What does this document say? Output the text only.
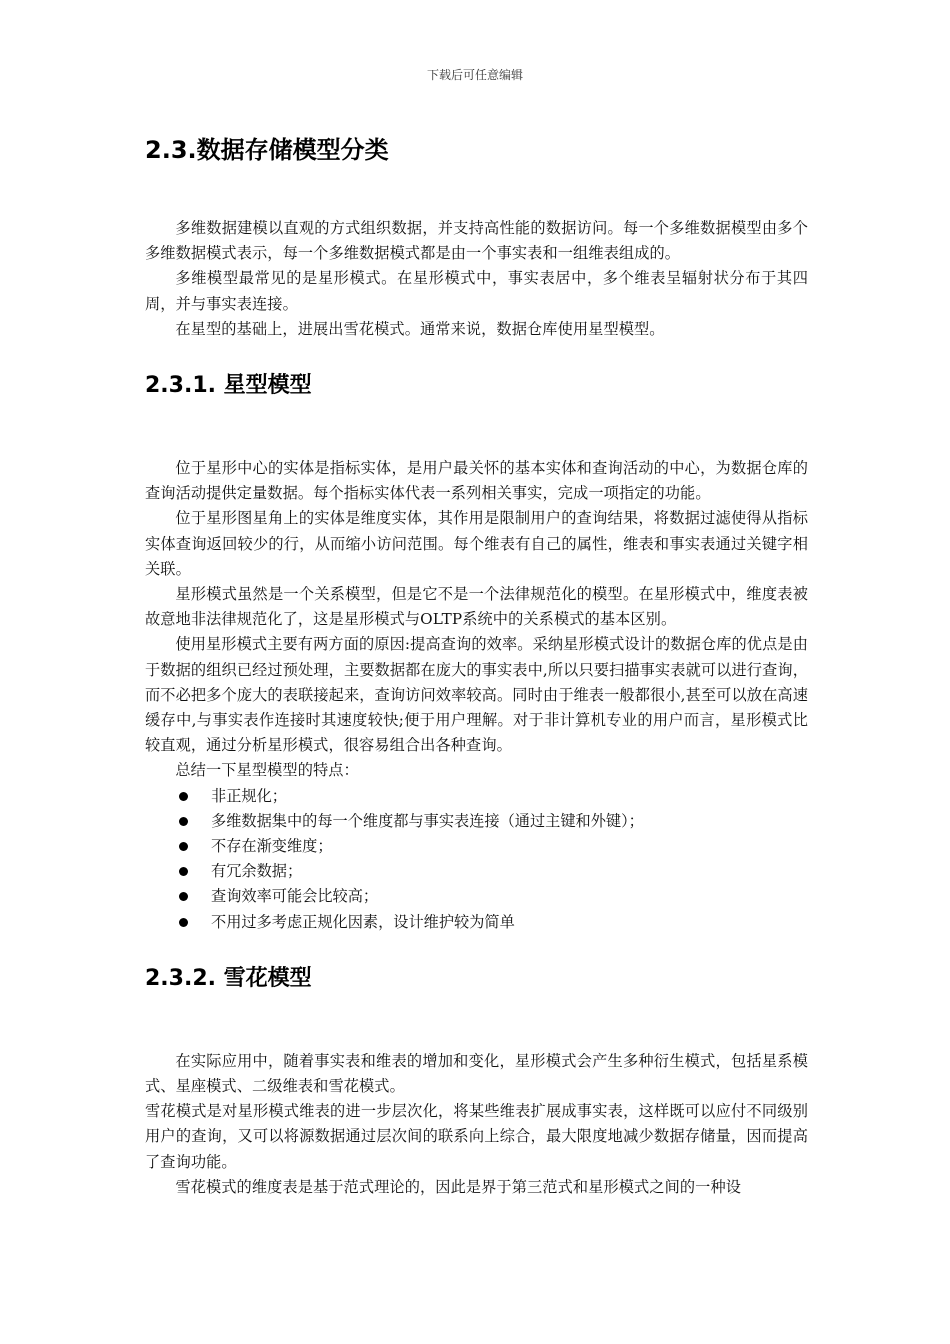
下载后可任意编辑
2.3.数据存储模型分类

多维数据建模以直观的方式组织数据，并支持高性能的数据访问。每一个多维数据模型由多个多维数据模式表示，每一个多维数据模式都是由一个事实表和一组维表组成的。

多维模型最常见的是星形模式。在星形模式中，事实表居中，多个维表呈辐射状分布于其四周，并与事实表连接。

在星型的基础上，进展出雪花模式。通常来说，数据仓库使用星型模型。

2.3.1. 星型模型

位于星形中心的实体是指标实体，是用户最关怀的基本实体和查询活动的中心，为数据仓库的查询活动提供定量数据。每个指标实体代表一系列相关事实，完成一项指定的功能。

位于星形图星角上的实体是维度实体，其作用是限制用户的查询结果，将数据过滤使得从指标实体查询返回较少的行，从而缩小访问范围。每个维表有自己的属性，维表和事实表通过关键字相关联。

星形模式虽然是一个关系模型，但是它不是一个法律规范化的模型。在星形模式中，维度表被故意地非法律规范化了，这是星形模式与OLTP系统中的关系模式的基本区别。

使用星形模式主要有两方面的原因:提高查询的效率。采纳星形模式设计的数据仓库的优点是由于数据的组织已经过预处理，主要数据都在庞大的事实表中,所以只要扫描事实表就可以进行查询，而不必把多个庞大的表联接起来，查询访问效率较高。同时由于维表一般都很小,甚至可以放在高速缓存中,与事实表作连接时其速度较快;便于用户理解。对于非计算机专业的用户而言，星形模式比较直观，通过分析星形模式，很容易组合出各种查询。

总结一下星型模型的特点：

非正规化；
多维数据集中的每一个维度都与事实表连接（通过主键和外键）；
不存在渐变维度；
有冗余数据；
查询效率可能会比较高；
不用过多考虑正规化因素，设计维护较为简单
2.3.2. 雪花模型

在实际应用中，随着事实表和维表的增加和变化，星形模式会产生多种衍生模式，包括星系模式、星座模式、二级维表和雪花模式。

雪花模式是对星形模式维表的进一步层次化，将某些维表扩展成事实表，这样既可以应付不同级别用户的查询，又可以将源数据通过层次间的联系向上综合，最大限度地减少数据存储量，因而提高了查询功能。

雪花模式的维度表是基于范式理论的，因此是界于第三范式和星形模式之间的一种设
